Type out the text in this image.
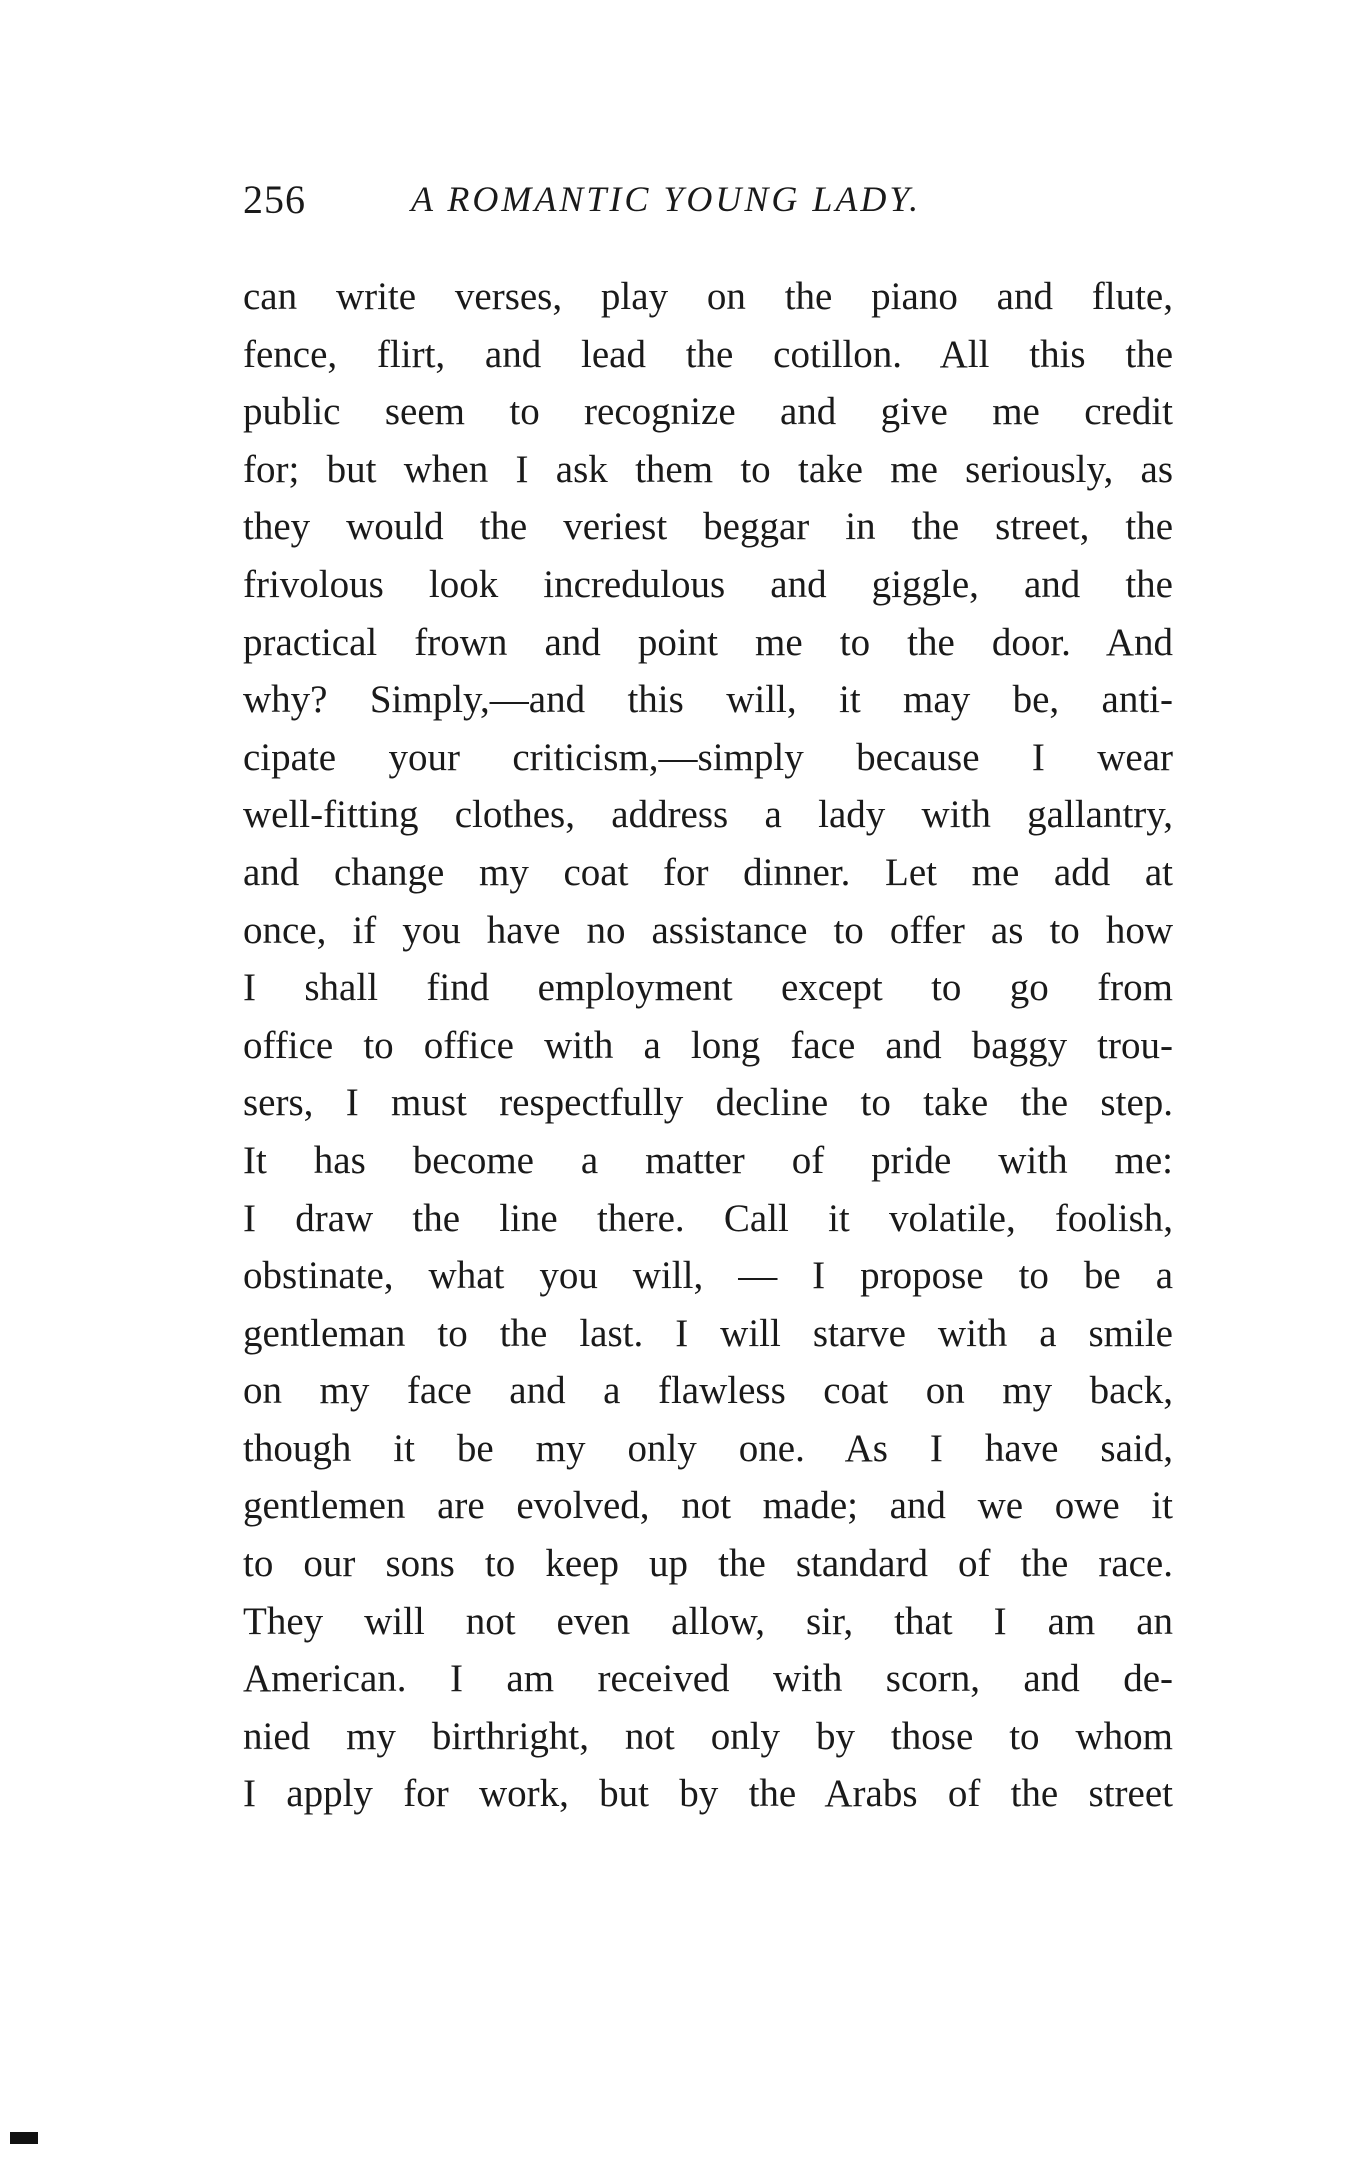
256	A ROMANTIC YOUNG LADY.
can write verses, play on the piano and flute,
fence, flirt, and lead the cotillon. All this the
public seem to recognize and give me credit
for; but when I ask them to take me seriously, as
they would the veriest beggar in the street, the
frivolous look incredulous and giggle, and the
practical frown and point me to the door. And
why? Simply,—and this will, it may be, anti-
cipate your criticism,—simply because I wear
well-fitting clothes, address a lady with gallantry,
and change my coat for dinner. Let me add at
once, if you have no assistance to offer as to how
I shall find employment except to go from
office to office with a long face and baggy trou-
sers, I must respectfully decline to take the step.
It has become a matter of pride with me:
I draw the line there. Call it volatile, foolish,
obstinate, what you will, — I propose to be a
gentleman to the last. I will starve with a smile
on my face and a flawless coat on my back,
though it be my only one. As I have said,
gentlemen are evolved, not made; and we owe it
to our sons to keep up the standard of the race.
They will not even allow, sir, that I am an
American. I am received with scorn, and de-
nied my birthright, not only by those to whom
I apply for work, but by the Arabs of the street
